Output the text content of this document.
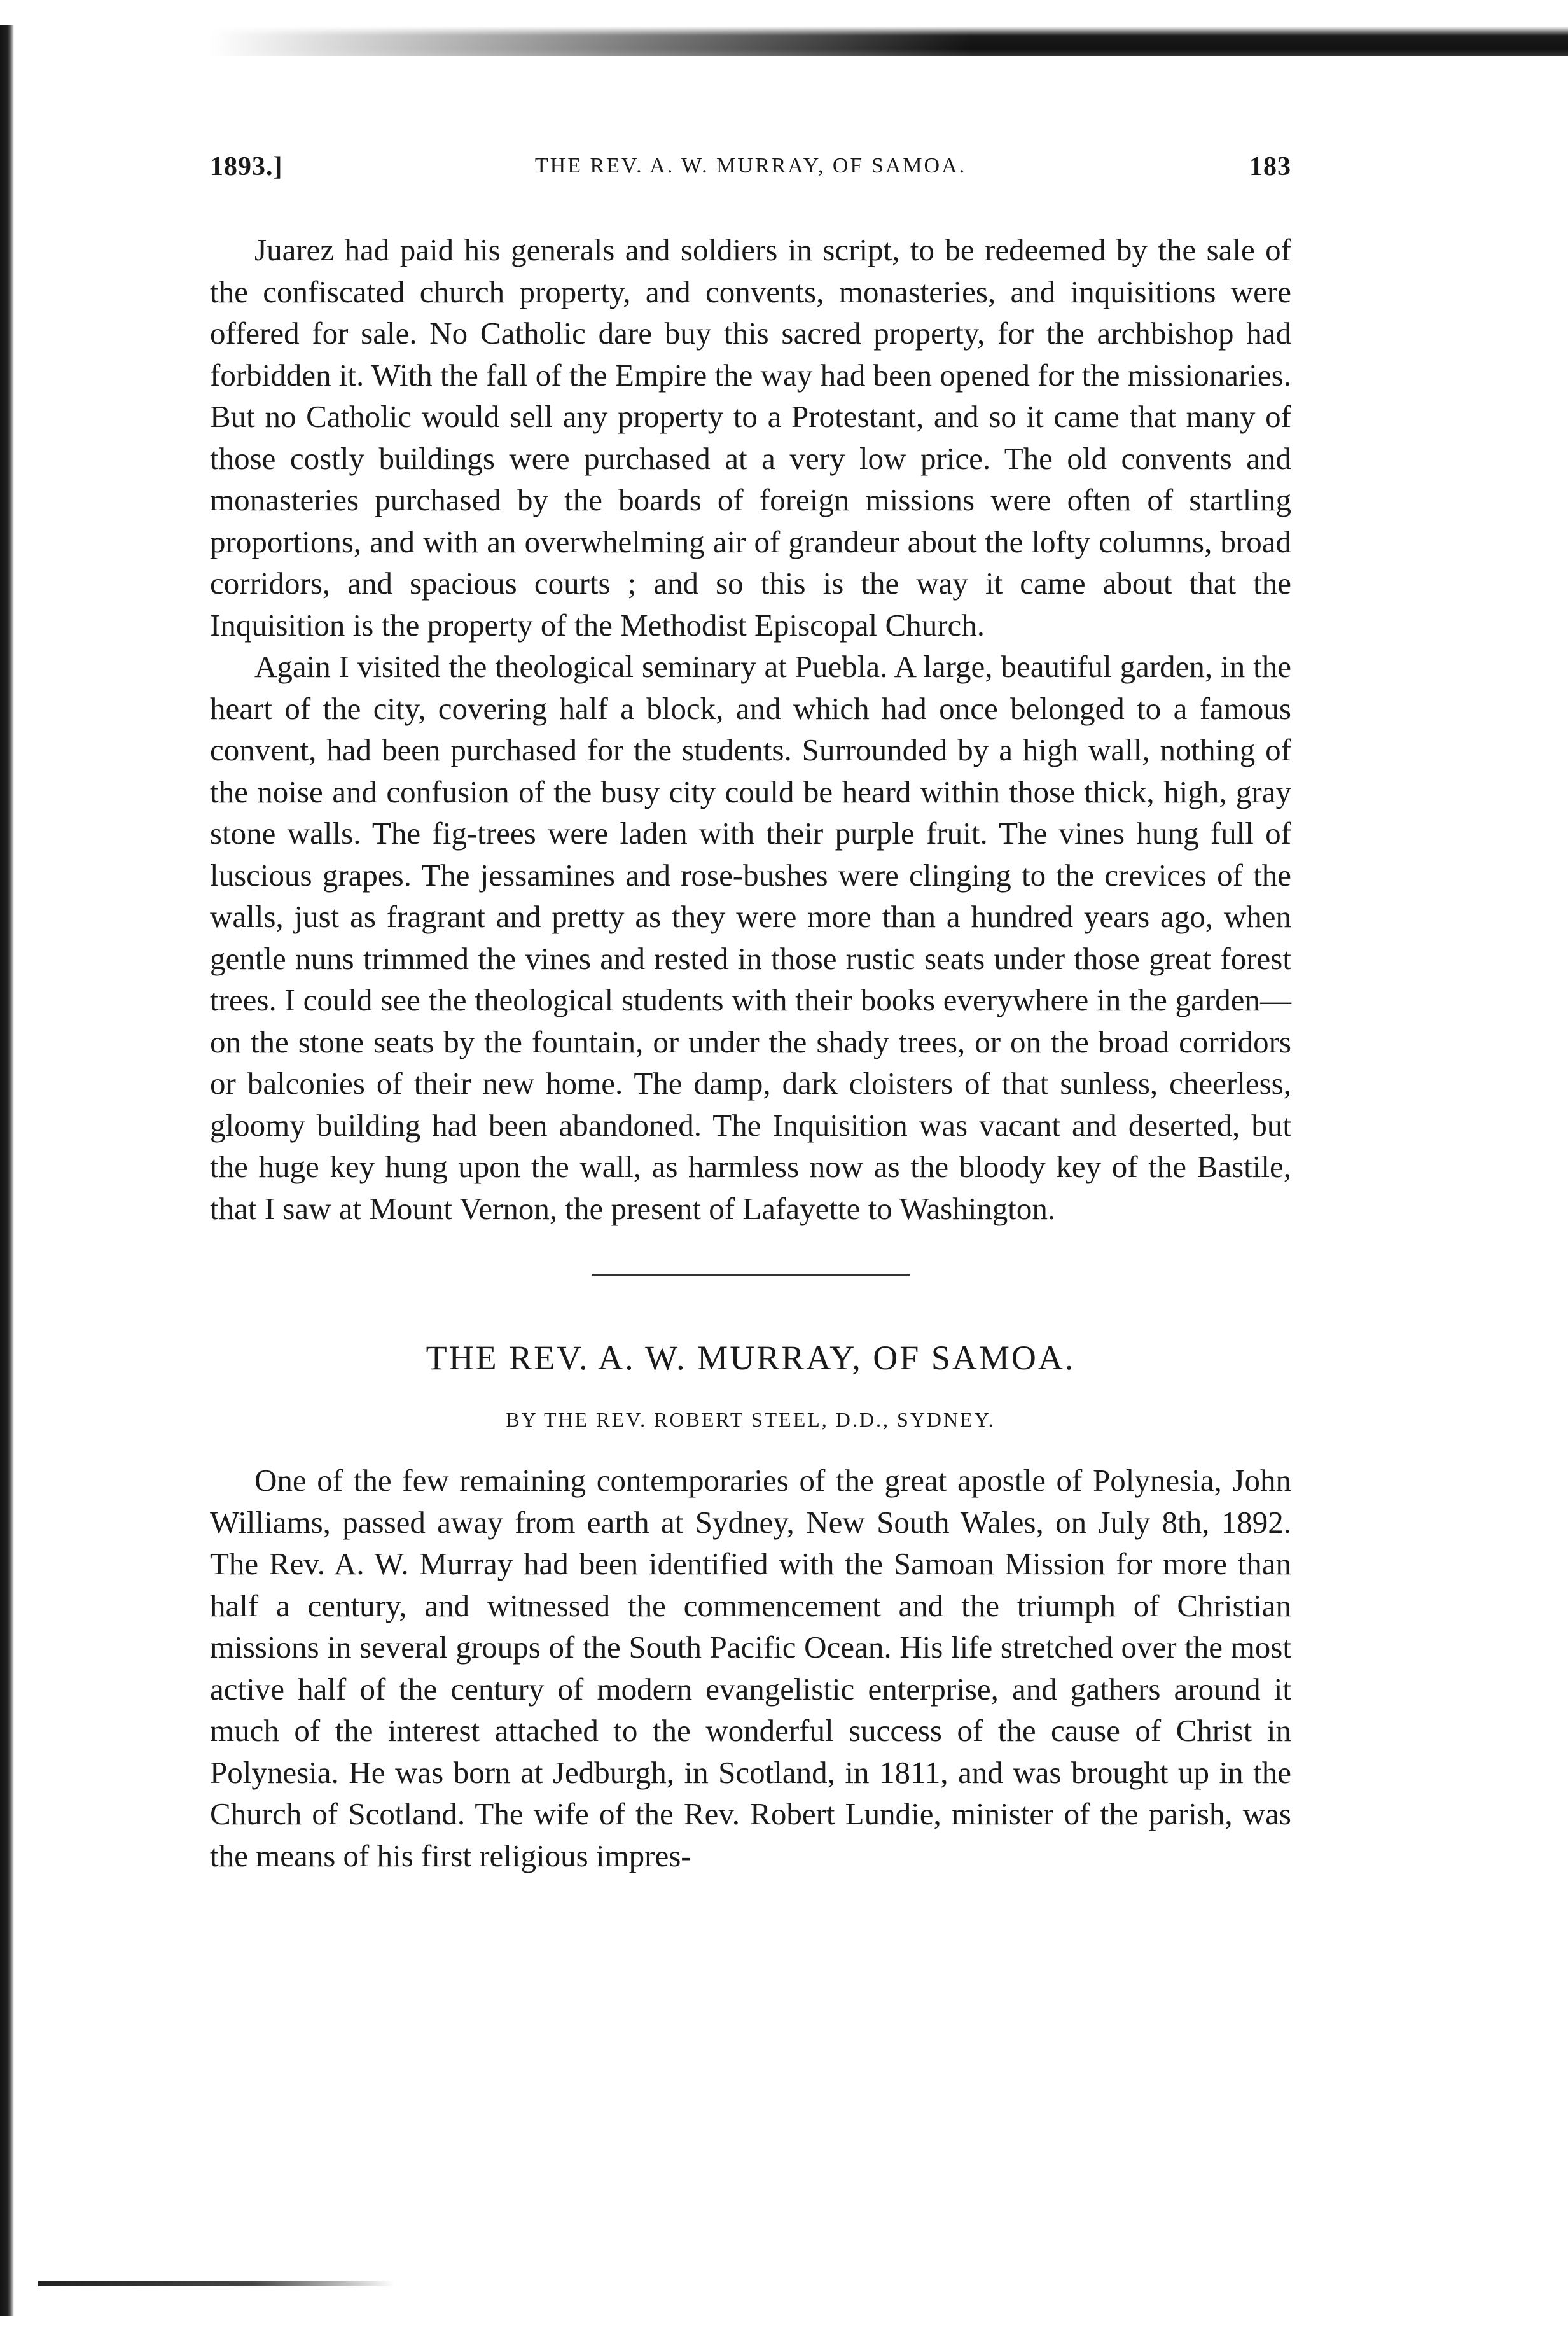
1893.]	THE REV. A. W. MURRAY, OF SAMOA.	183

Juarez had paid his generals and soldiers in script, to be redeemed by the sale of the confiscated church property, and convents, monasteries, and inquisitions were offered for sale. No Catholic dare buy this sacred property, for the archbishop had forbidden it. With the fall of the Empire the way had been opened for the missionaries. But no Catholic would sell any property to a Protestant, and so it came that many of those costly buildings were purchased at a very low price. The old convents and monasteries purchased by the boards of foreign missions were often of startling proportions, and with an overwhelming air of grandeur about the lofty columns, broad corridors, and spacious courts ; and so this is the way it came about that the Inquisition is the property of the Methodist Episcopal Church.

Again I visited the theological seminary at Puebla. A large, beautiful garden, in the heart of the city, covering half a block, and which had once belonged to a famous convent, had been purchased for the students. Surrounded by a high wall, nothing of the noise and confusion of the busy city could be heard within those thick, high, gray stone walls. The fig-trees were laden with their purple fruit. The vines hung full of luscious grapes. The jessamines and rose-bushes were clinging to the crevices of the walls, just as fragrant and pretty as they were more than a hundred years ago, when gentle nuns trimmed the vines and rested in those rustic seats under those great forest trees. I could see the theological students with their books everywhere in the garden—on the stone seats by the fountain, or under the shady trees, or on the broad corridors or balconies of their new home. The damp, dark cloisters of that sunless, cheerless, gloomy building had been abandoned. The Inquisition was vacant and deserted, but the huge key hung upon the wall, as harmless now as the bloody key of the Bastile, that I saw at Mount Vernon, the present of Lafayette to Washington.

THE REV. A. W. MURRAY, OF SAMOA.
BY THE REV. ROBERT STEEL, D.D., SYDNEY.

One of the few remaining contemporaries of the great apostle of Polynesia, John Williams, passed away from earth at Sydney, New South Wales, on July 8th, 1892. The Rev. A. W. Murray had been identified with the Samoan Mission for more than half a century, and witnessed the commencement and the triumph of Christian missions in several groups of the South Pacific Ocean. His life stretched over the most active half of the century of modern evangelistic enterprise, and gathers around it much of the interest attached to the wonderful success of the cause of Christ in Polynesia. He was born at Jedburgh, in Scotland, in 1811, and was brought up in the Church of Scotland. The wife of the Rev. Robert Lundie, minister of the parish, was the means of his first religious impres-
